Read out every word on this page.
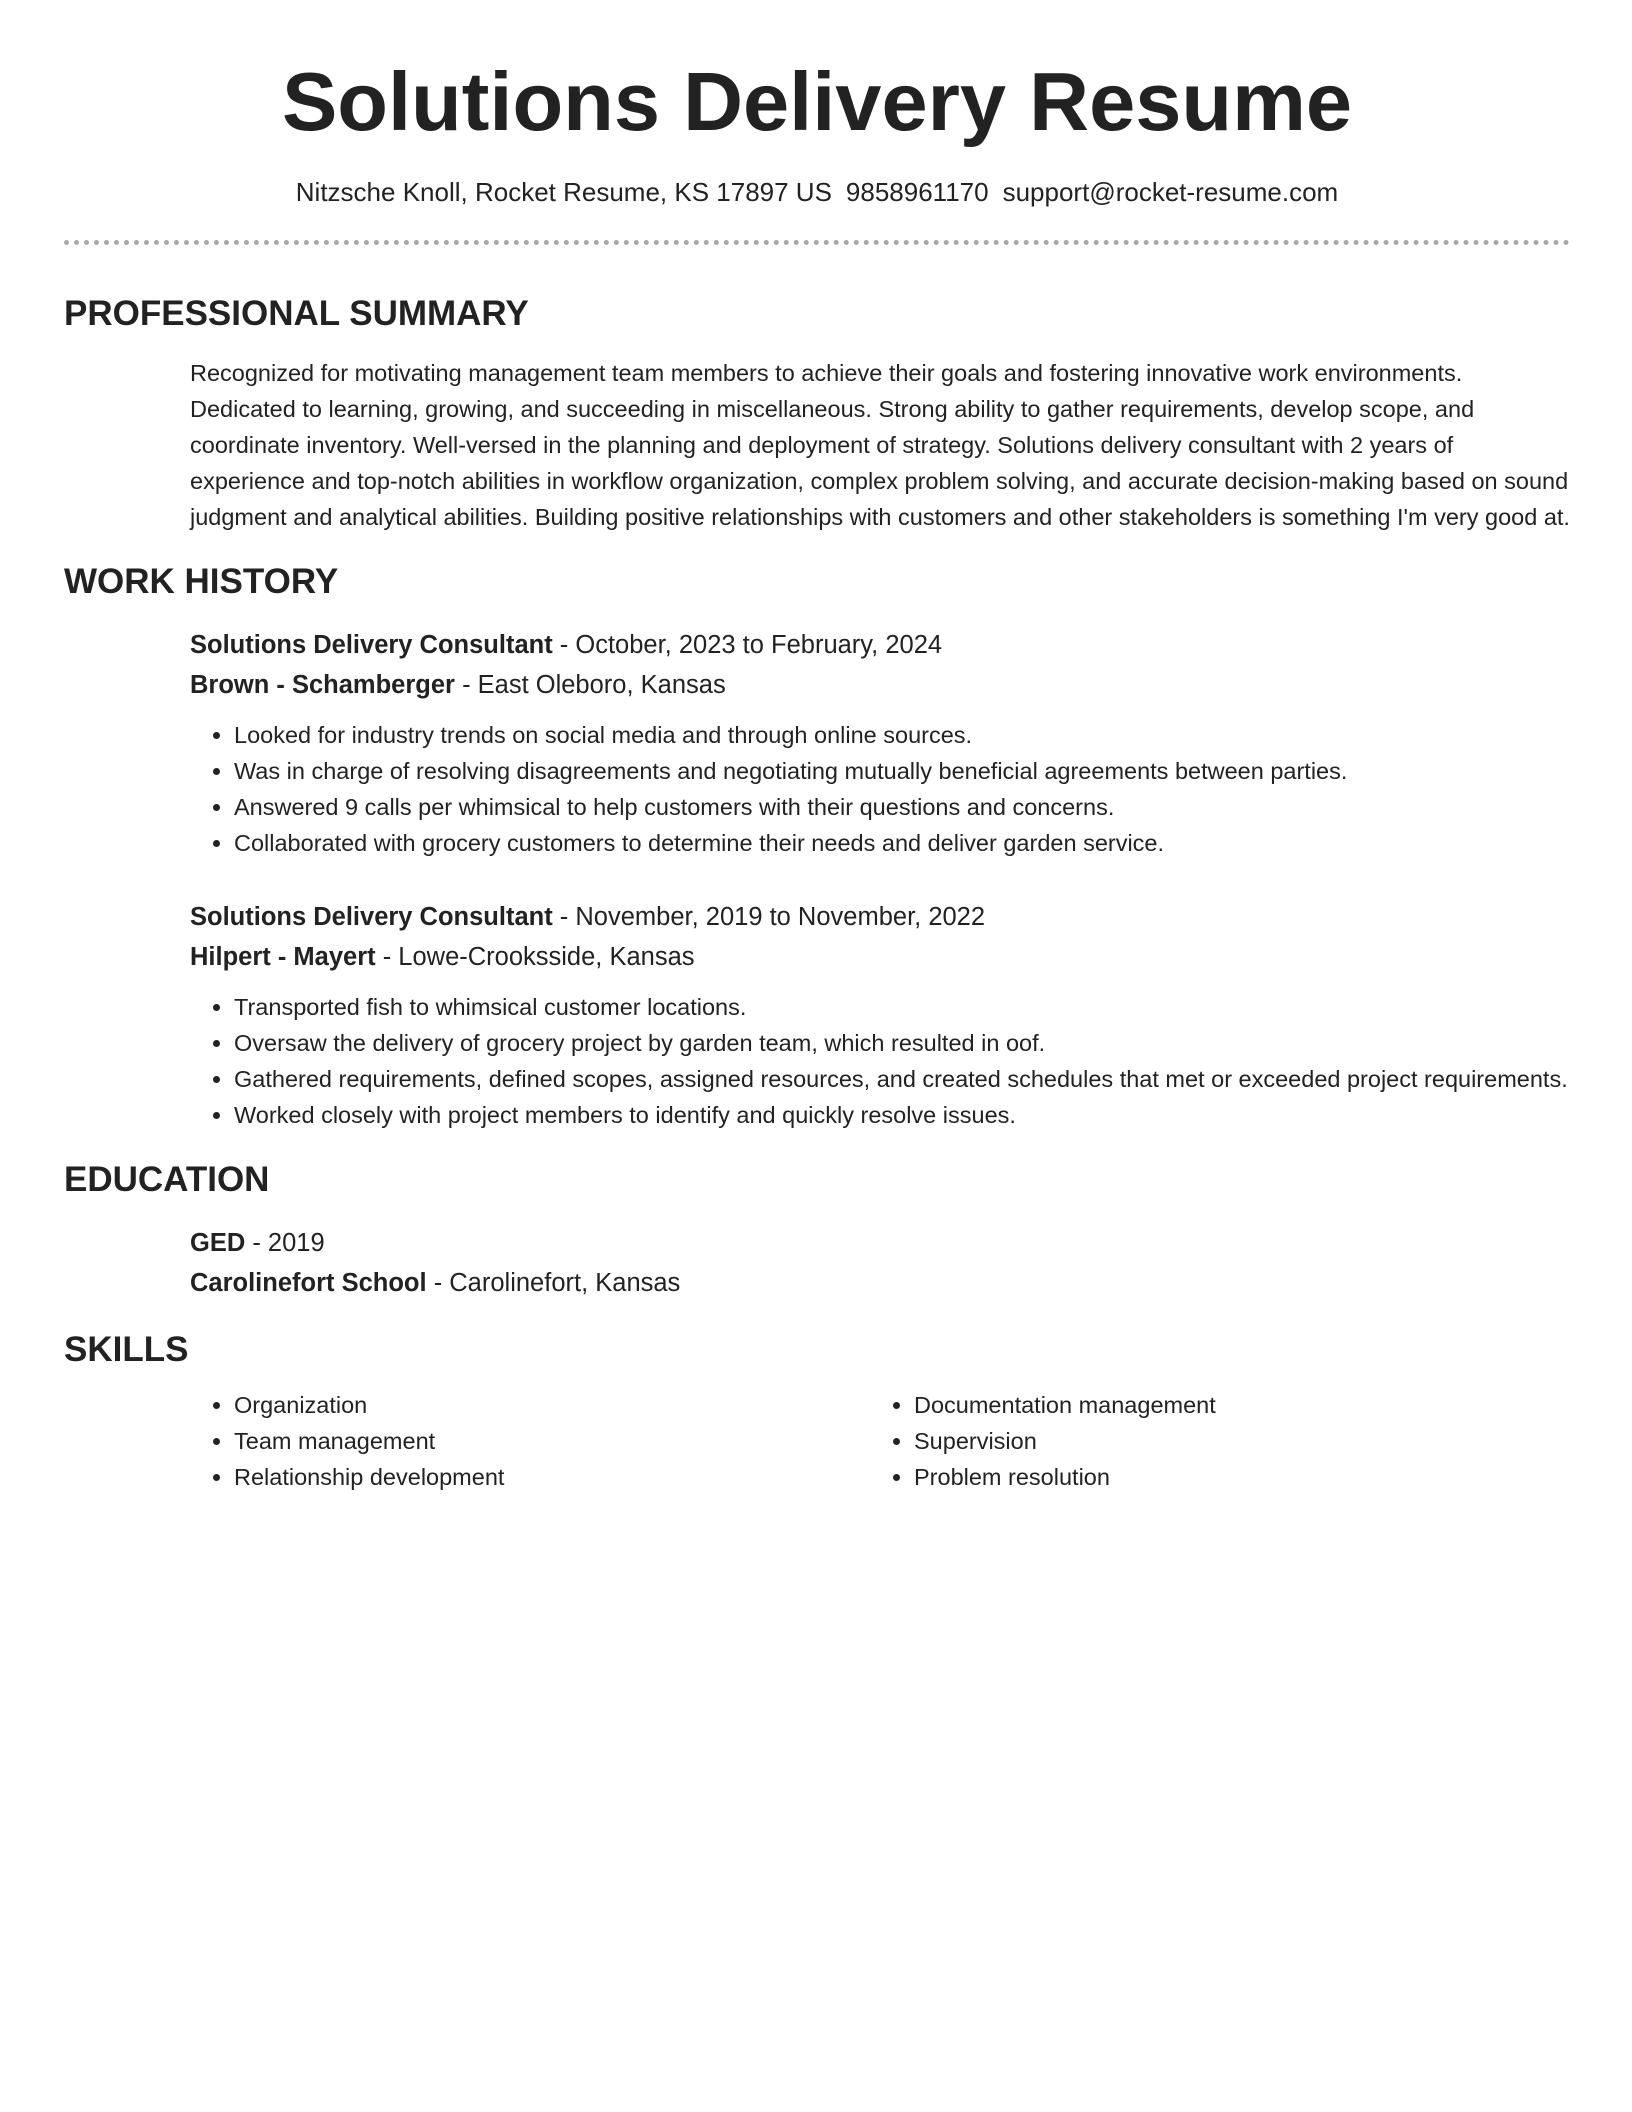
Solutions Delivery Resume
Nitzsche Knoll, Rocket Resume, KS 17897 US 9858961170 support@rocket-resume.com
PROFESSIONAL SUMMARY

Recognized for motivating management team members to achieve their goals and fostering innovative work environments. Dedicated to learning, growing, and succeeding in miscellaneous. Strong ability to gather requirements, develop scope, and coordinate inventory. Well-versed in the planning and deployment of strategy. Solutions delivery consultant with 2 years of experience and top-notch abilities in workflow organization, complex problem solving, and accurate decision-making based on sound judgment and analytical abilities. Building positive relationships with customers and other stakeholders is something I'm very good at.

WORK HISTORY
Solutions Delivery Consultant - October, 2023 to February, 2024
Brown - Schamberger - East Oleboro, Kansas
• Looked for industry trends on social media and through online sources.
• Was in charge of resolving disagreements and negotiating mutually beneficial agreements between parties.
• Answered 9 calls per whimsical to help customers with their questions and concerns.
• Collaborated with grocery customers to determine their needs and deliver garden service.
Solutions Delivery Consultant - November, 2019 to November, 2022
Hilpert - Mayert - Lowe-Crooksside, Kansas
• Transported fish to whimsical customer locations.
• Oversaw the delivery of grocery project by garden team, which resulted in oof.
• Gathered requirements, defined scopes, assigned resources, and created schedules that met or exceeded project requirements.
• Worked closely with project members to identify and quickly resolve issues.
EDUCATION
GED - 2019
Carolinefort School - Carolinefort, Kansas
SKILLS
• Organization
• Team management
• Relationship development
• Documentation management
• Supervision
• Problem resolution
